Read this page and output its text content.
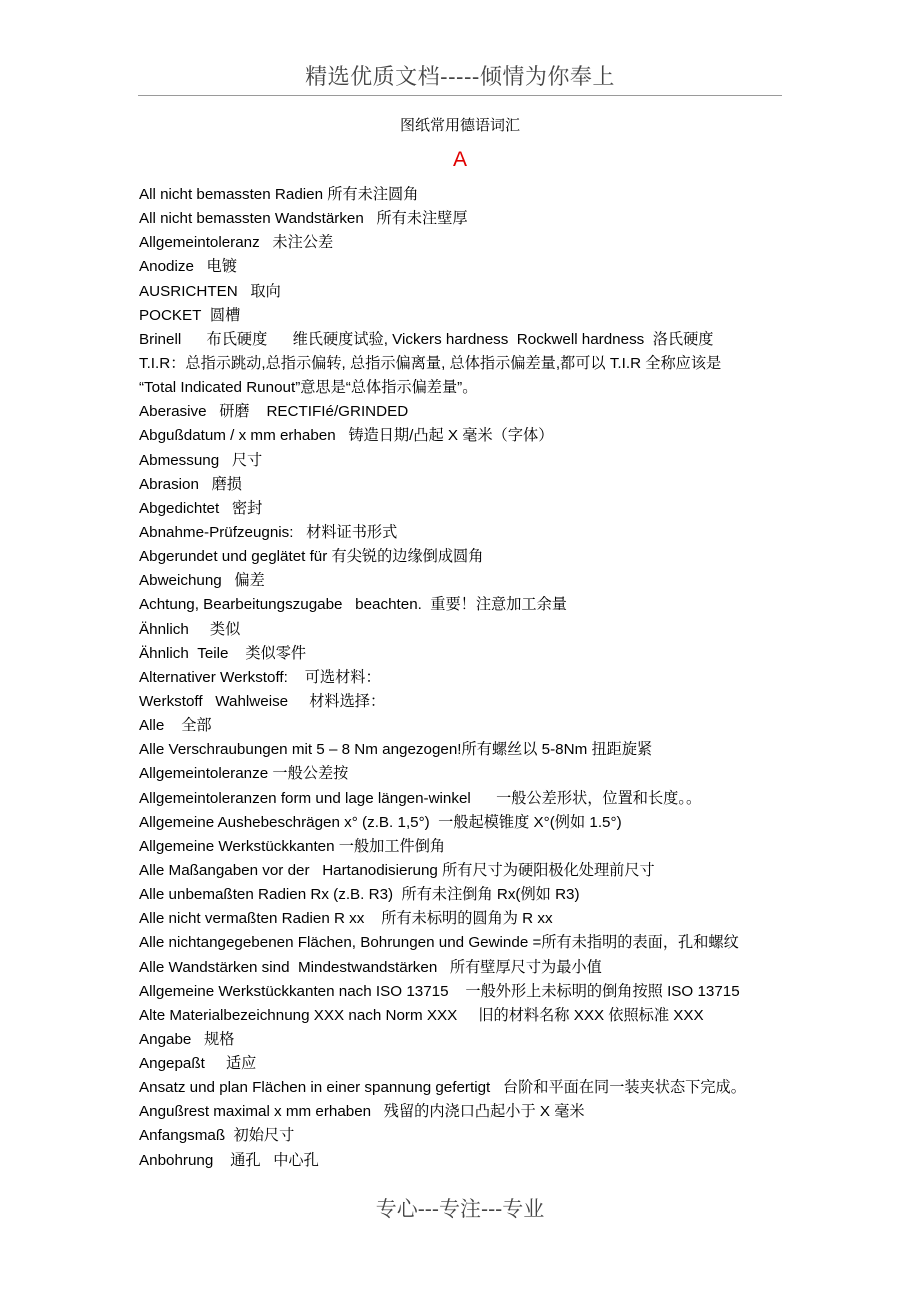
精选优质文档-----倾情为你奉上
图纸常用德语词汇
A
All nicht bemassten Radien 所有未注圆角
All nicht bemassten Wandstärken   所有未注壁厚
Allgemeintoleranz   未注公差
Anodize   电镀
AUSRICHTEN   取向
POCKET  圆槽
Brinell      布氏硬度      维氏硬度试验, Vickers hardness  Rockwell hardness  洛氏硬度
T.I.R：总指示跳动,总指示偏转, 总指示偏离量, 总体指示偏差量,都可以 T.I.R 全称应该是
“Total Indicated Runout”意思是“总体指示偏差量”。
Aberasive   研磨    RECTIFIé/GRINDED
Abgußdatum / x mm erhaben   铸造日期/凸起 X 毫米（字体）
Abmessung   尺寸
Abrasion   磨损
Abgedichtet   密封
Abnahme-Prüfzeugnis:   材料证书形式
Abgerundet und geglätet für 有尖锐的边缘倒成圆角
Abweichung   偏差
Achtung, Bearbeitungszugabe   beachten.  重要！注意加工余量
Ähnlich     类似
Ähnlich  Teile    类似零件
Alternativer Werkstoff:    可选材料：
Werkstoff   Wahlweise     材料选择：
Alle    全部
Alle Verschraubungen mit 5 – 8 Nm angezogen!所有螺丝以 5-8Nm 扭距旋紧
Allgemeintoleranze 一般公差按
Allgemeintoleranzen form und lage längen-winkel      一般公差形状，位置和长度。。
Allgemeine Aushebeschrägen x° (z.B. 1,5°)  一般起模锥度 X°(例如 1.5°)
Allgemeine Werkstückkanten 一般加工件倒角
Alle Maßangaben vor der   Hartanodisierung 所有尺寸为硬阳极化处理前尺寸
Alle unbemaßten Radien Rx (z.B. R3)  所有未注倒角 Rx(例如 R3)
Alle nicht vermaßten Radien R xx    所有未标明的圆角为 R xx
Alle nichtangegebenen Flächen, Bohrungen und Gewinde =所有未指明的表面，孔和螺纹
Alle Wandstärken sind  Mindestwandstärken   所有壁厚尺寸为最小值
Allgemeine Werkstückkanten nach ISO 13715    一般外形上未标明的倒角按照 ISO 13715
Alte Materialbezeichnung XXX nach Norm XXX     旧的材料名称 XXX 依照标准 XXX
Angabe   规格
Angepaßt     适应
Ansatz und plan Flächen in einer spannung gefertigt   台阶和平面在同一装夹状态下完成。
Angußrest maximal x mm erhaben   残留的内浇口凸起小于 X 毫米
Anfangsmaß  初始尺寸
Anbohrung    通孔   中心孔
专心---专注---专业
